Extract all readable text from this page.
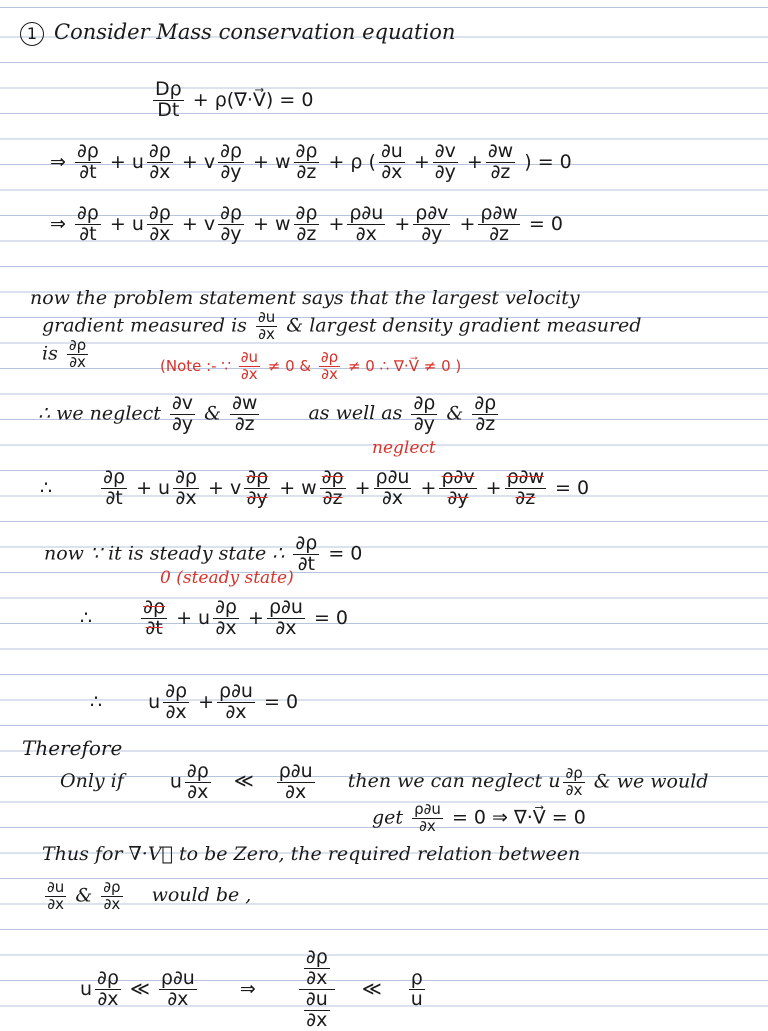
1 Consider Mass conservation equation
$\frac{D\rho}{Dt}$ + ρ(∇·V⃗) = 0
⇒ $\frac{\partial\rho}{\partial t} + u \frac{\partial\rho}{\partial x} + v \frac{\partial\rho}{\partial y} + w \frac{\partial\rho}{\partial z} + \rho$ ( $\frac{\partial u}{\partial x} + \frac{\partial v}{\partial y} + \frac{\partial w}{\partial z}$ ) = 0
⇒ $\frac{\partial\rho}{\partial t} + u \frac{\partial\rho}{\partial x} + v \frac{\partial\rho}{\partial y} + w \frac{\partial\rho}{\partial z} + \frac{\rho\partial u}{\partial x} + \frac{\rho\partial v}{\partial y} + \frac{\rho\partial w}{\partial z} = 0$
now the problem statement says that the largest velocity
gradient measured is $\frac{\partial u}{\partial x}$ & largest density gradient measured
is $\frac{\partial\rho}{\partial x}$	(Note :- ∵ $\frac{\partial u}{\partial x} \ne 0$ & $\frac{\partial\rho}{\partial x} \ne 0$ ∴ ∇·V⃗ ≠ 0 )
∴ we neglect $\frac{\partial v}{\partial y}$ & $\frac{\partial w}{\partial z}$	as well as $\frac{\partial\rho}{\partial y}$ & $\frac{\partial\rho}{\partial z}$
neglect
∴	$\frac{\partial\rho}{\partial t} + u \frac{\partial\rho}{\partial x} + v \frac{\partial\rho}{\partial y} + w \frac{\partial\rho}{\partial z} + \frac{\rho\partial u}{\partial x} + \frac{\rho\partial v}{\partial y} + \frac{\rho\partial w}{\partial z} = 0$
now ∵ it is steady state ∴ $\frac{\partial\rho}{\partial t} = 0$
0 (steady state)
∴	$\frac{\partial\rho}{\partial t} + u \frac{\partial\rho}{\partial x} + \frac{\rho\partial u}{\partial x} = 0$
∴ u $\frac{\partial\rho}{\partial x} + \frac{\rho\partial u}{\partial x} = 0$
Therefore
Only if u $\frac{\partial\rho}{\partial x}$ ≪ $\frac{\rho\partial u}{\partial x}$ then we can neglect u $\frac{\partial\rho}{\partial x}$ & we would
get $\frac{\rho\partial u}{\partial x} = 0$ ⇒ ∇·V⃗ = 0
Thus for ∇·V⃗ to be Zero, the required relation between
$\frac{\partial u}{\partial x}$ & $\frac{\partial\rho}{\partial x}$ would be ,
u $\frac{\partial\rho}{\partial x}$ ≪ $\frac{\rho\partial u}{\partial x}$ ⇒ $\frac{\frac{\partial\rho}{\partial x}}{\frac{\partial u}{\partial x}}$ ≪ $\frac{\rho}{u}$
